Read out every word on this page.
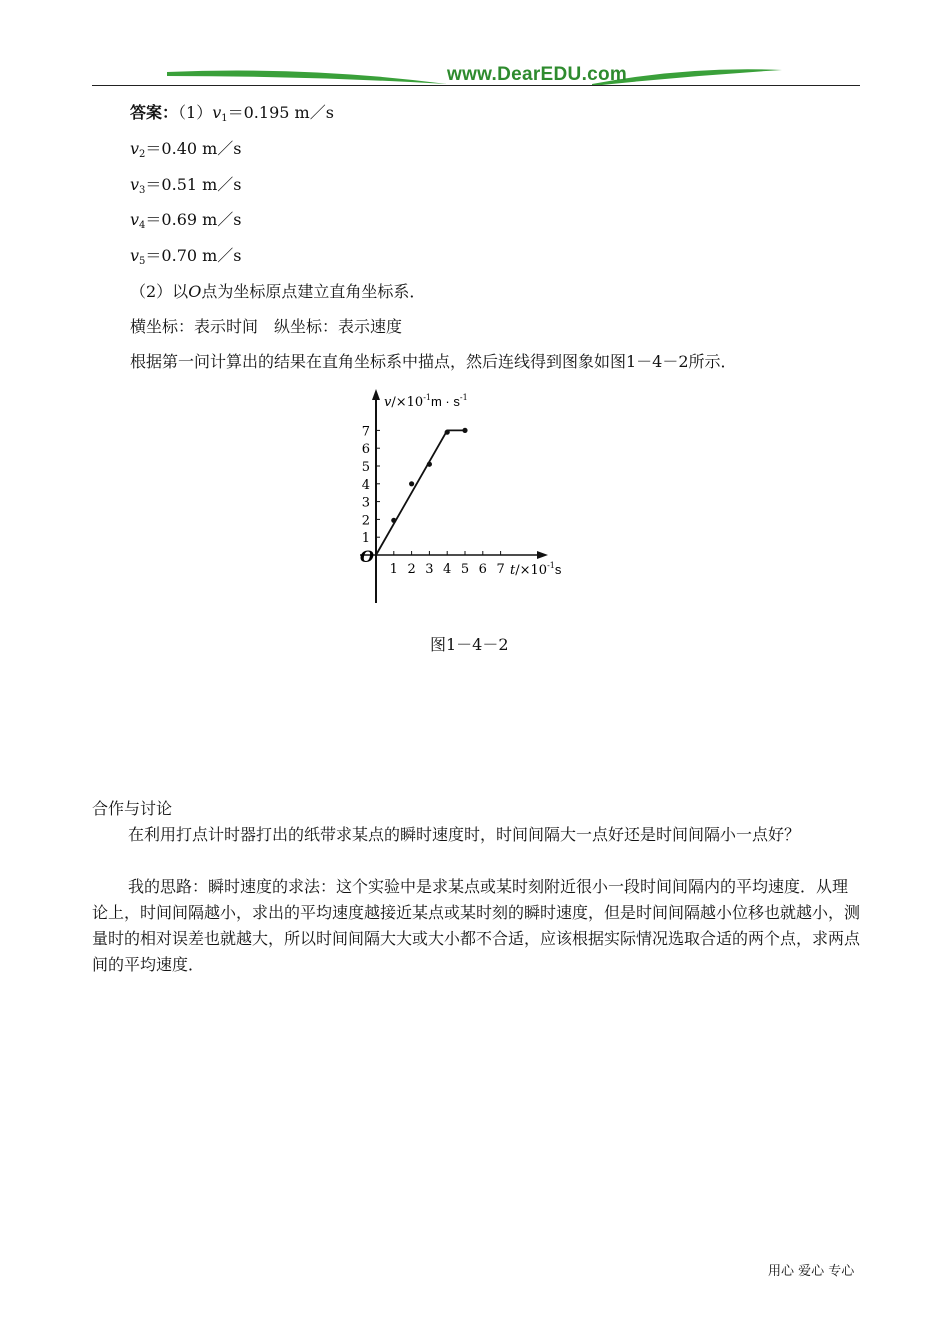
www.DearEDU.com
答案：$(1)v_1=0.195$ m／s
$v_2=0.40$ m／s
$v_3=0.51$ m／s
$v_4=0.69$ m／s
$v_5=0.70$ m／s
（2）以O点为坐标原点建立直角坐标系．
横坐标：表示时间　纵坐标：表示速度
根据第一问计算出的结果在直角坐标系中描点，然后连线得到图象如图1－4－2所示．
$v/\times 10^{-1}m \cdot s^{-1}$
$t/\times 10^{-1}s$
O
1 2 3 4 5 6 7
1
2
3
4
5
6
7
图1－4－2
合作与讨论
在利用打点计时器打出的纸带求某点的瞬时速度时，时间间隔大一点好还是时间间隔小一点好？
我的思路：瞬时速度的求法：这个实验中是求某点或某时刻附近很小一段时间间隔内的平均速度．从理论上，时间间隔越小，求出的平均速度越接近某点或某时刻的瞬时速度，但是时间间隔越小位移也就越小，测量时的相对误差也就越大，所以时间间隔大大或大小都不合适，应该根据实际情况选取合适的两个点，求两点间的平均速度．
用心 爱心 专心
